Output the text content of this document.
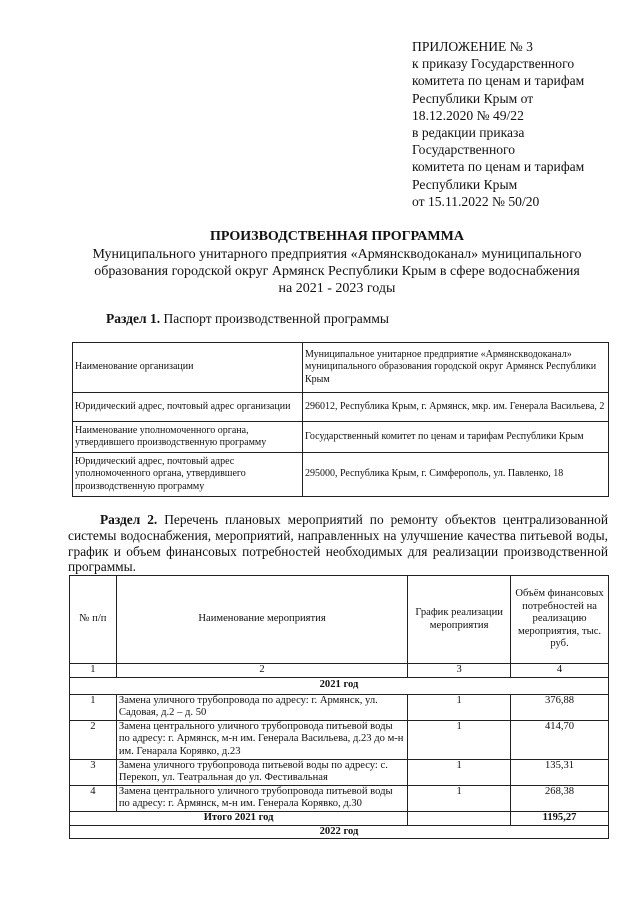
ПРИЛОЖЕНИЕ № 3
к приказу Государственного
комитета по ценам и тарифам
Республики Крым от
18.12.2020 № 49/22
в редакции приказа
Государственного
комитета по ценам и тарифам
Республики Крым
от 15.11.2022 № 50/20
ПРОИЗВОДСТВЕННАЯ ПРОГРАММА
Муниципального унитарного предприятия «Армянскводоканал» муниципального
образования городской округ Армянск Республики Крым в сфере водоснабжения
на 2021 - 2023 годы
Раздел 1. Паспорт производственной программы
Наименование организации	Муниципальное унитарное предприятие «Армянскводоканал» муниципального образования городской округ Армянск Республики Крым
Юридический адрес, почтовый адрес организации	296012, Республика Крым, г. Армянск, мкр. им. Генерала Васильева, 2
Наименование уполномоченного органа, утвердившего производственную программу	Государственный комитет по ценам и тарифам Республики Крым
Юридический адрес, почтовый адрес уполномоченного органа, утвердившего производственную программу	295000, Республика Крым, г. Симферополь, ул. Павленко, 18
Раздел 2. Перечень плановых мероприятий по ремонту объектов централизованной системы водоснабжения, мероприятий, направленных на улучшение качества питьевой воды, график и объем финансовых потребностей необходимых для реализации производственной программы.
№ п/п	Наименование мероприятия	График реализации мероприятия	Объём финансовых потребностей на реализацию мероприятия, тыс. руб.
1	2	3	4
2021 год			
1	Замена уличного трубопровода по адресу: г. Армянск, ул. Садовая, д.2 – д. 50	1	376,88
2	Замена центрального уличного трубопровода питьевой воды по адресу: г. Армянск, м-н им. Генерала Васильева, д.23 до м-н им. Генарала Корявко, д.23	1	414,70
3	Замена уличного трубопровода питьевой воды по адресу: с. Перекоп, ул. Театральная до ул. Фестивальная	1	135,31
4	Замена центрального уличного трубопровода питьевой воды по адресу: г. Армянск, м-н им. Генерала Корявко, д.30	1	268,38
Итого 2021 год			1195,27
2022 год			
